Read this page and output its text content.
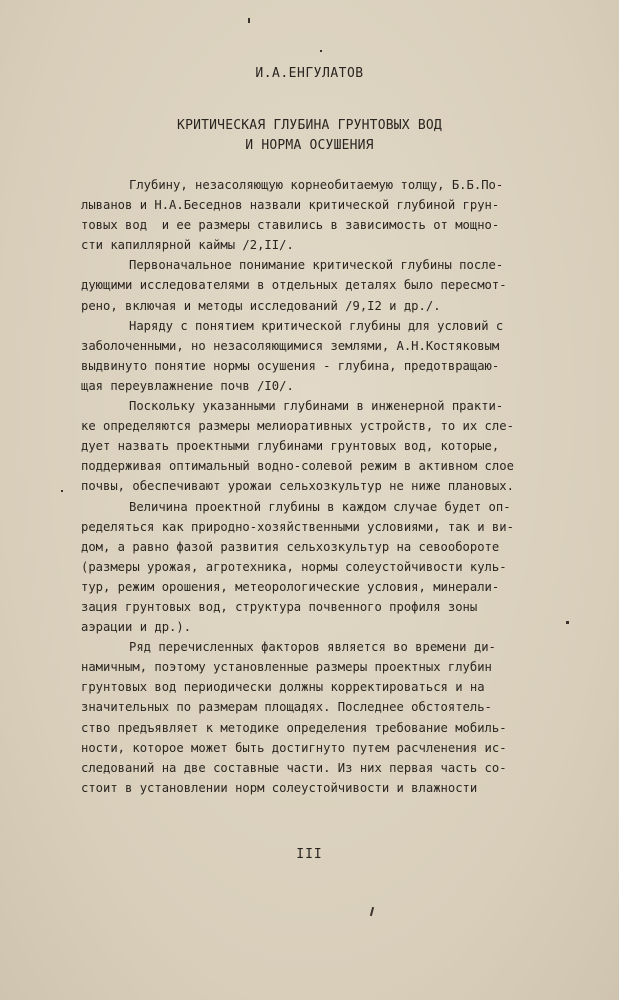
И.А.ЕНГУЛАТОВ
КРИТИЧЕСКАЯ ГЛУБИНА ГРУНТОВЫХ ВОД
И НОРМА ОСУШЕНИЯ
Глубину, незасоляющую корнеобитаемую толщу, Б.Б.По-
лыванов и Н.А.Беседнов назвали критической глубиной грун-
товых вод  и ее размеры ставились в зависимость от мощно-
сти капиллярной каймы /2,II/.
Первоначальное понимание критической глубины после-
дующими исследователями в отдельных деталях было пересмот-
рено, включая и методы исследований /9,I2 и др./.
Наряду с понятием критической глубины для условий с
заболоченными, но незасоляющимися землями, А.Н.Костяковым
выдвинуто понятие нормы осушения - глубина, предотвращаю-
щая переувлажнение почв /I0/.
Поскольку указанными глубинами в инженерной практи-
ке определяются размеры мелиоративных устройств, то их сле-
дует назвать проектными глубинами грунтовых вод, которые,
поддерживая оптимальный водно-солевой режим в активном слое
почвы, обеспечивают урожаи сельхозкультур не ниже плановых.
Величина проектной глубины в каждом случае будет оп-
ределяться как природно-хозяйственными условиями, так и ви-
дом, а равно фазой развития сельхозкультур на севообороте
(размеры урожая, агротехника, нормы солеустойчивости куль-
тур, режим орошения, метеорологические условия, минерали-
зация грунтовых вод, структура почвенного профиля зоны
аэрации и др.).
Ряд перечисленных факторов является во времени ди-
намичным, поэтому установленные размеры проектных глубин
грунтовых вод периодически должны корректироваться и на
значительных по размерам площадях. Последнее обстоятель-
ство предъявляет к методике определения требование мобиль-
ности, которое может быть достигнуто путем расчленения ис-
следований на две составные части. Из них первая часть со-
стоит в установлении норм солеустойчивости и влажности
III
